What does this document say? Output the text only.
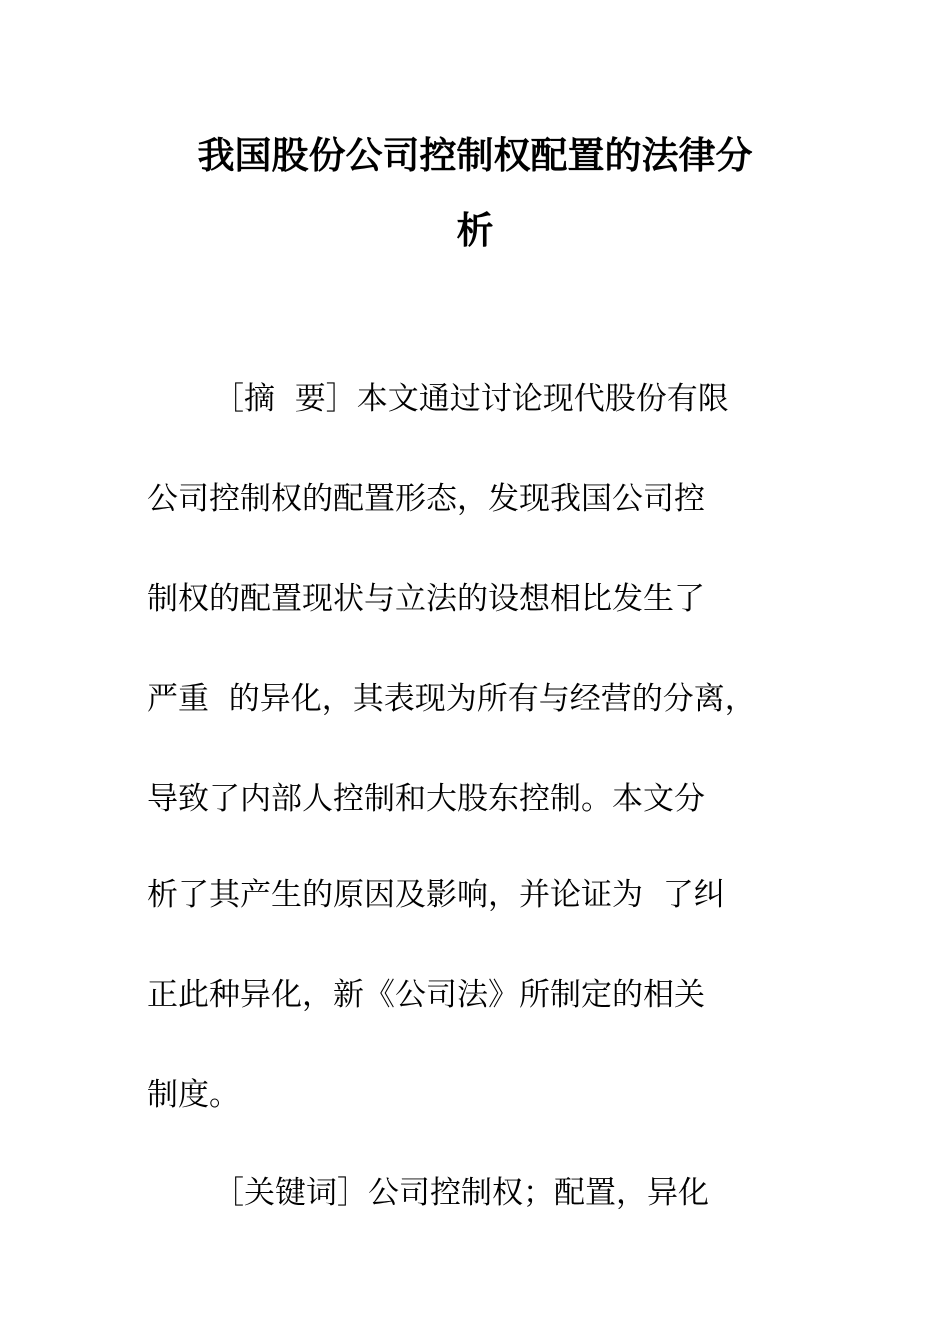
我国股份公司控制权配置的法律分
析
［摘  要］本文通过讨论现代股份有限
公司控制权的配置形态，发现我国公司控
制权的配置现状与立法的设想相比发生了
严重  的异化，其表现为所有与经营的分离，
导致了内部人控制和大股东控制。本文分
析了其产生的原因及影响，并论证为  了纠
正此种异化，新《公司法》所制定的相关
制度。
［关键词］公司控制权；配置，异化
